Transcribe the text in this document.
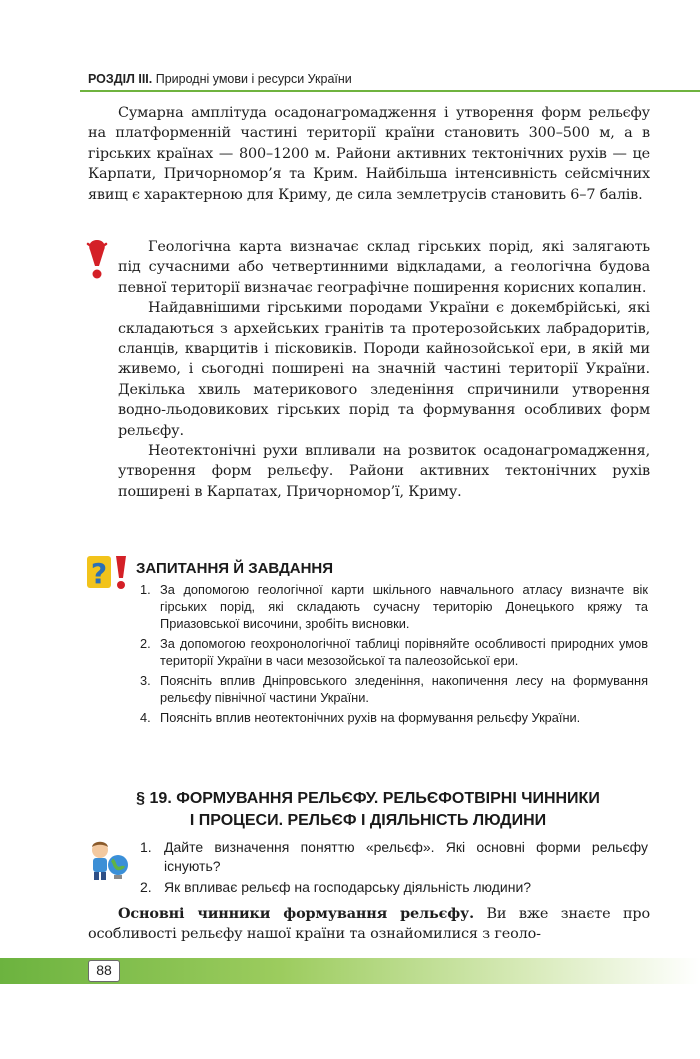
РОЗДІЛ ІІІ. Природні умови і ресурси України

Сумарна амплітуда осадонагромадження і утворення форм рельєфу на платформенній частині території країни становить 300–500 м, а в гірських країнах — 800–1200 м. Райони активних тектонічних рухів — це Карпати, Причорномор’я та Крим. Найбільша інтенсивність сейсмічних явищ є характерною для Криму, де сила землетрусів становить 6–7 балів.

Геологічна карта визначає склад гірських порід, які залягають під сучасними або четвертинними відкладами, а геологічна будова певної території визначає географічне поширення корисних копалин.

Найдавнішими гірськими породами України є докембрійські, які складаються з архейських гранітів та протерозойських лабрадоритів, сланців, кварцитів і пісковиків. Породи кайнозойської ери, в якій ми живемо, і сьогодні поширені на значній частині території України. Декілька хвиль материкового зледеніння спричинили утворення водно-льодовикових гірських порід та формування особливих форм рельєфу.

Неотектонічні рухи впливали на розвиток осадонагромадження, утворення форм рельєфу. Райони активних тектонічних рухів поширені в Карпатах, Причорномор’ї, Криму.

? ЗАПИТАННЯ Й ЗАВДАННЯ
1. За допомогою геологічної карти шкільного навчального атласу визначте вік гірських порід, які складають сучасну територію Донецького кряжу та Приазовської височини, зробіть висновки.
2. За допомогою геохронологічної таблиці порівняйте особливості природних умов території України в часи мезозойської та палеозойської ери.
3. Поясніть вплив Дніпровського зледеніння, накопичення лесу на формування рельєфу північної частини України.
4. Поясніть вплив неотектонічних рухів на формування рельєфу України.
§ 19. ФОРМУВАННЯ РЕЛЬЄФУ. РЕЛЬЄФОТВІРНІ ЧИННИКИ
І ПРОЦЕСИ. РЕЛЬЄФ І ДІЯЛЬНІСТЬ ЛЮДИНИ
1. Дайте визначення поняттю «рельєф». Які основні форми рельєфу існують?
2. Як впливає рельєф на господарську діяльність людини?

Основні чинники формування рельєфу. Ви вже знаєте про особливості рельєфу нашої країни та ознайомилися з геоло-

88
